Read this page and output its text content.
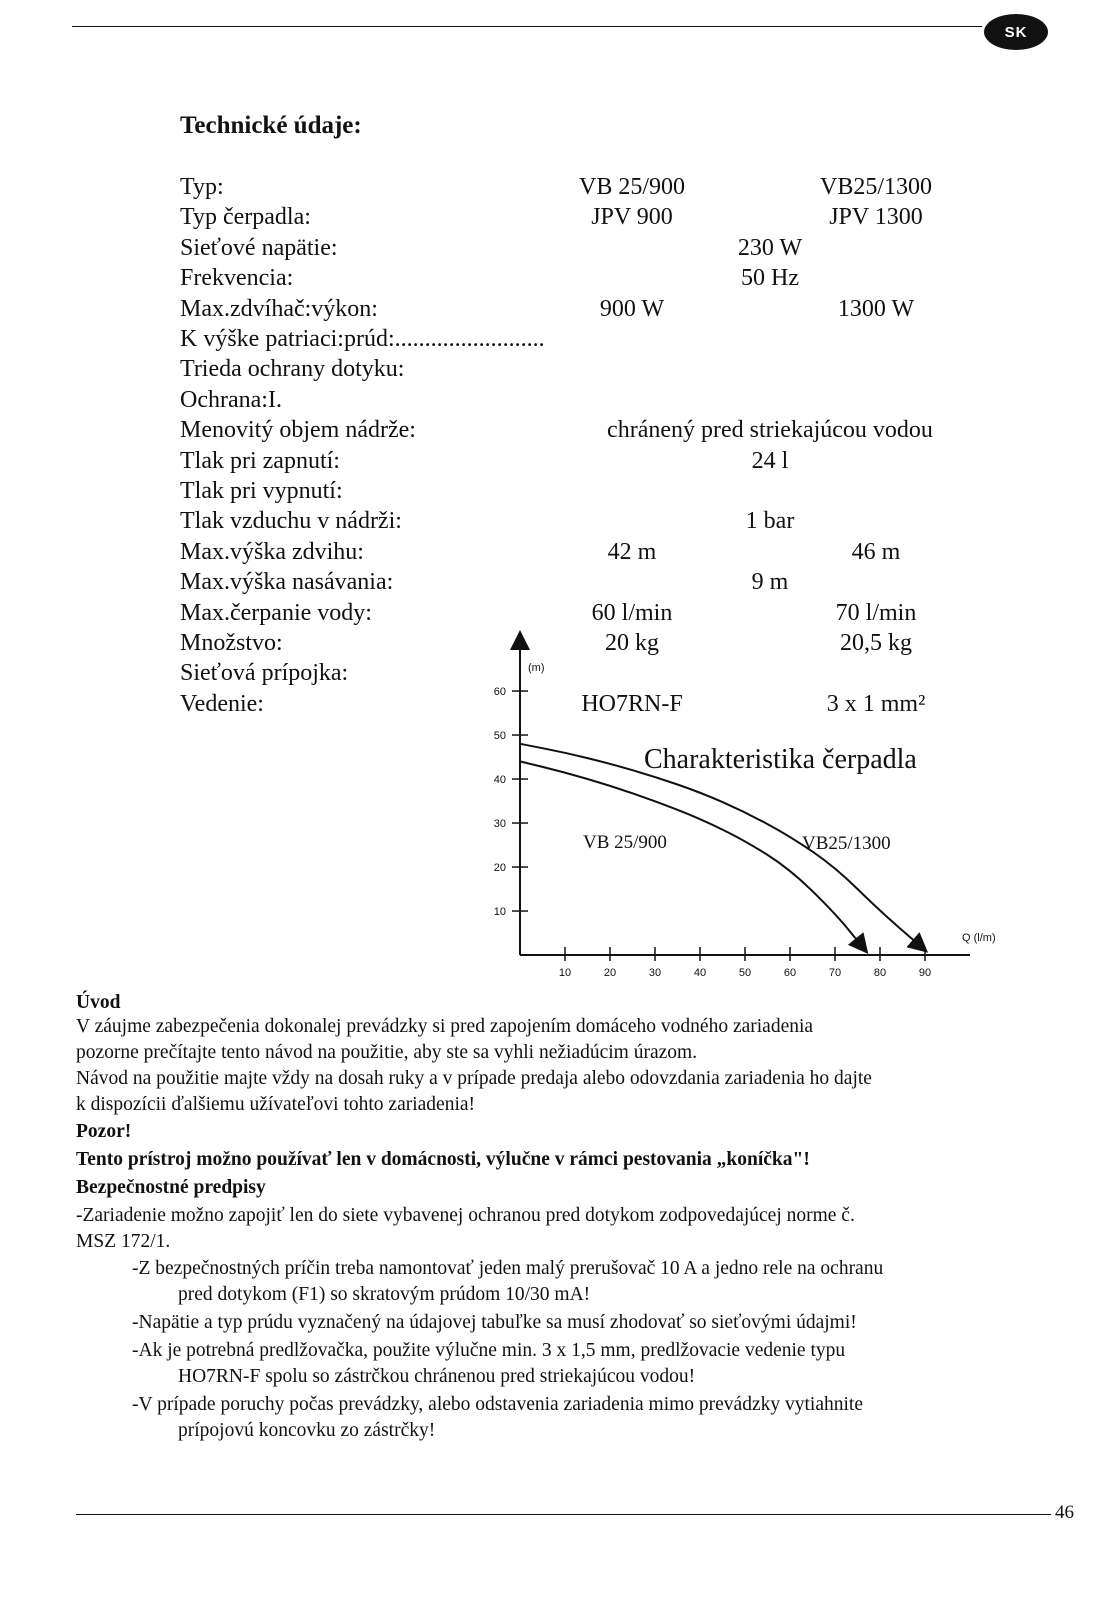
SK
Technické údaje:
Typ:	VB 25/900	VB25/1300
Typ čerpadla:	JPV 900	JPV 1300
Sieťové napätie:	230 W
Frekvencia:	50 Hz
Max.zdvíhač:výkon:	900 W	1300 W
K výške patriaci:prúd:.........................
Trieda ochrany dotyku:
Ochrana:I.
Menovitý objem nádrže:	chránený pred striekajúcou vodou
Tlak pri zapnutí:	24 l
Tlak pri vypnutí:
Tlak vzduchu v nádrži:	1 bar
Max.výška zdvihu:	42 m	46 m
Max.výška nasávania:	9 m
Max.čerpanie vody:	60 l/min	70 l/min
Množstvo:	20 kg	20,5 kg
Sieťová prípojka:
Vedenie:	HO7RN-F	3 x 1 mm²
10
20
30
40
50
60
10	20	30	40	50	60	70	80	90
(m)
Q (l/m)
Charakteristika čerpadla
VB 25/900	VB25/1300
Úvod
V záujme zabezpečenia dokonalej prevádzky si pred zapojením domáceho vodného zariadenia
pozorne prečítajte tento návod na použitie, aby ste sa vyhli nežiadúcim úrazom.
Návod na použitie majte vždy na dosah ruky a v prípade predaja alebo odovzdania zariadenia ho dajte
k dispozícii ďalšiemu užívateľovi tohto zariadenia!
Pozor!
Tento prístroj možno používať len v domácnosti, výlučne v rámci pestovania „koníčka"!
Bezpečnostné predpisy
-Zariadenie možno zapojiť len do siete vybavenej ochranou pred dotykom zodpovedajúcej norme č.
MSZ 172/1.
-Z bezpečnostných príčin treba namontovať jeden malý prerušovač 10 A a jedno rele na ochranu
pred dotykom (F1) so skratovým prúdom 10/30 mA!
-Napätie a typ prúdu vyznačený na údajovej tabuľke sa musí zhodovať so sieťovými údajmi!
-Ak je potrebná predlžovačka, použite výlučne min. 3 x 1,5 mm, predlžovacie vedenie typu
HO7RN-F spolu so zástrčkou chránenou pred striekajúcou vodou!
-V prípade poruchy počas prevádzky, alebo odstavenia zariadenia mimo prevádzky vytiahnite
prípojovú koncovku zo zástrčky!
46
